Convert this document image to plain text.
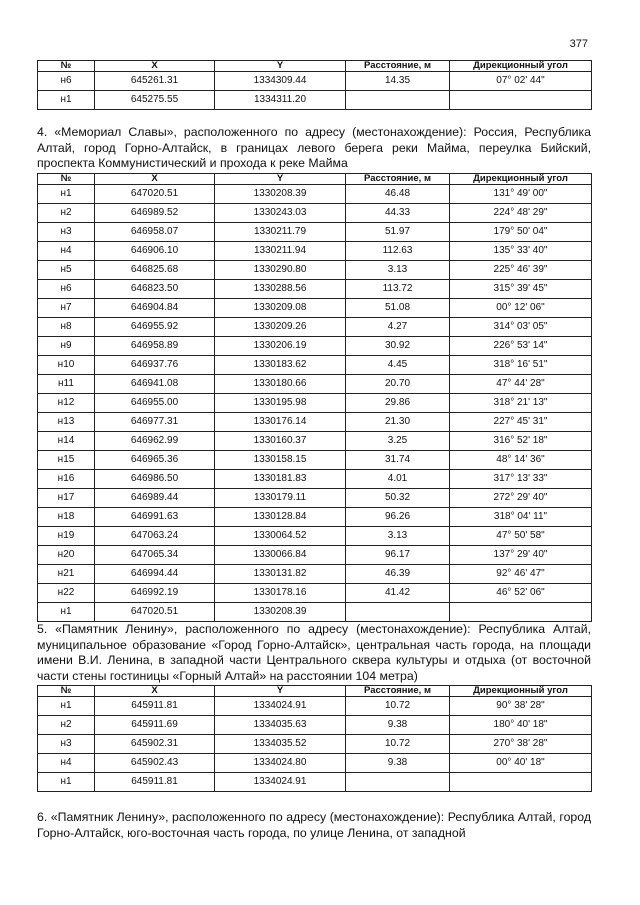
377
№	X	Y	Расстояние, м	Дирекционный угол
н6	645261.31	1334309.44	14.35	07° 02' 44"
н1	645275.55	1334311.20		

4. «Мемориал Славы», расположенного по адресу (местонахождение): Россия, Республика Алтай, город Горно-Алтайск, в границах левого берега реки Майма, переулка Бийский, проспекта Коммунистический и прохода к реке Майма

№	X	Y	Расстояние, м	Дирекционный угол
н1	647020.51	1330208.39	46.48	131° 49' 00"
н2	646989.52	1330243.03	44.33	224° 48' 29"
н3	646958.07	1330211.79	51.97	179° 50' 04"
н4	646906.10	1330211.94	112.63	135° 33' 40"
н5	646825.68	1330290.80	3.13	225° 46' 39"
н6	646823.50	1330288.56	113.72	315° 39' 45"
н7	646904.84	1330209.08	51.08	00° 12' 06"
н8	646955.92	1330209.26	4.27	314° 03' 05"
н9	646958.89	1330206.19	30.92	226° 53' 14"
н10	646937.76	1330183.62	4.45	318° 16' 51"
н11	646941.08	1330180.66	20.70	47° 44' 28"
н12	646955.00	1330195.98	29.86	318° 21' 13"
н13	646977.31	1330176.14	21.30	227° 45' 31"
н14	646962.99	1330160.37	3.25	316° 52' 18"
н15	646965.36	1330158.15	31.74	48° 14' 36"
н16	646986.50	1330181.83	4.01	317° 13' 33"
н17	646989.44	1330179.11	50.32	272° 29' 40"
н18	646991.63	1330128.84	96.26	318° 04' 11"
н19	647063.24	1330064.52	3.13	47° 50' 58"
н20	647065.34	1330066.84	96.17	137° 29' 40"
н21	646994.44	1330131.82	46.39	92° 46' 47"
н22	646992.19	1330178.16	41.42	46° 52' 06"
н1	647020.51	1330208.39		

5. «Памятник Ленину», расположенного по адресу (местонахождение): Республика Алтай, муниципальное образование «Город Горно-Алтайск», центральная часть города, на площади имени В.И. Ленина, в западной части Центрального сквера культуры и отдыха (от восточной части стены гостиницы «Горный Алтай» на расстоянии 104 метра)

№	X	Y	Расстояние, м	Дирекционный угол
н1	645911.81	1334024.91	10.72	90° 38' 28"
н2	645911.69	1334035.63	9.38	180° 40' 18"
н3	645902.31	1334035.52	10.72	270° 38' 28"
н4	645902.43	1334024.80	9.38	00° 40' 18"
н1	645911.81	1334024.91		

6. «Памятник Ленину», расположенного по адресу (местонахождение): Республика Алтай, город Горно-Алтайск, юго-восточная часть города, по улице Ленина, от западной
